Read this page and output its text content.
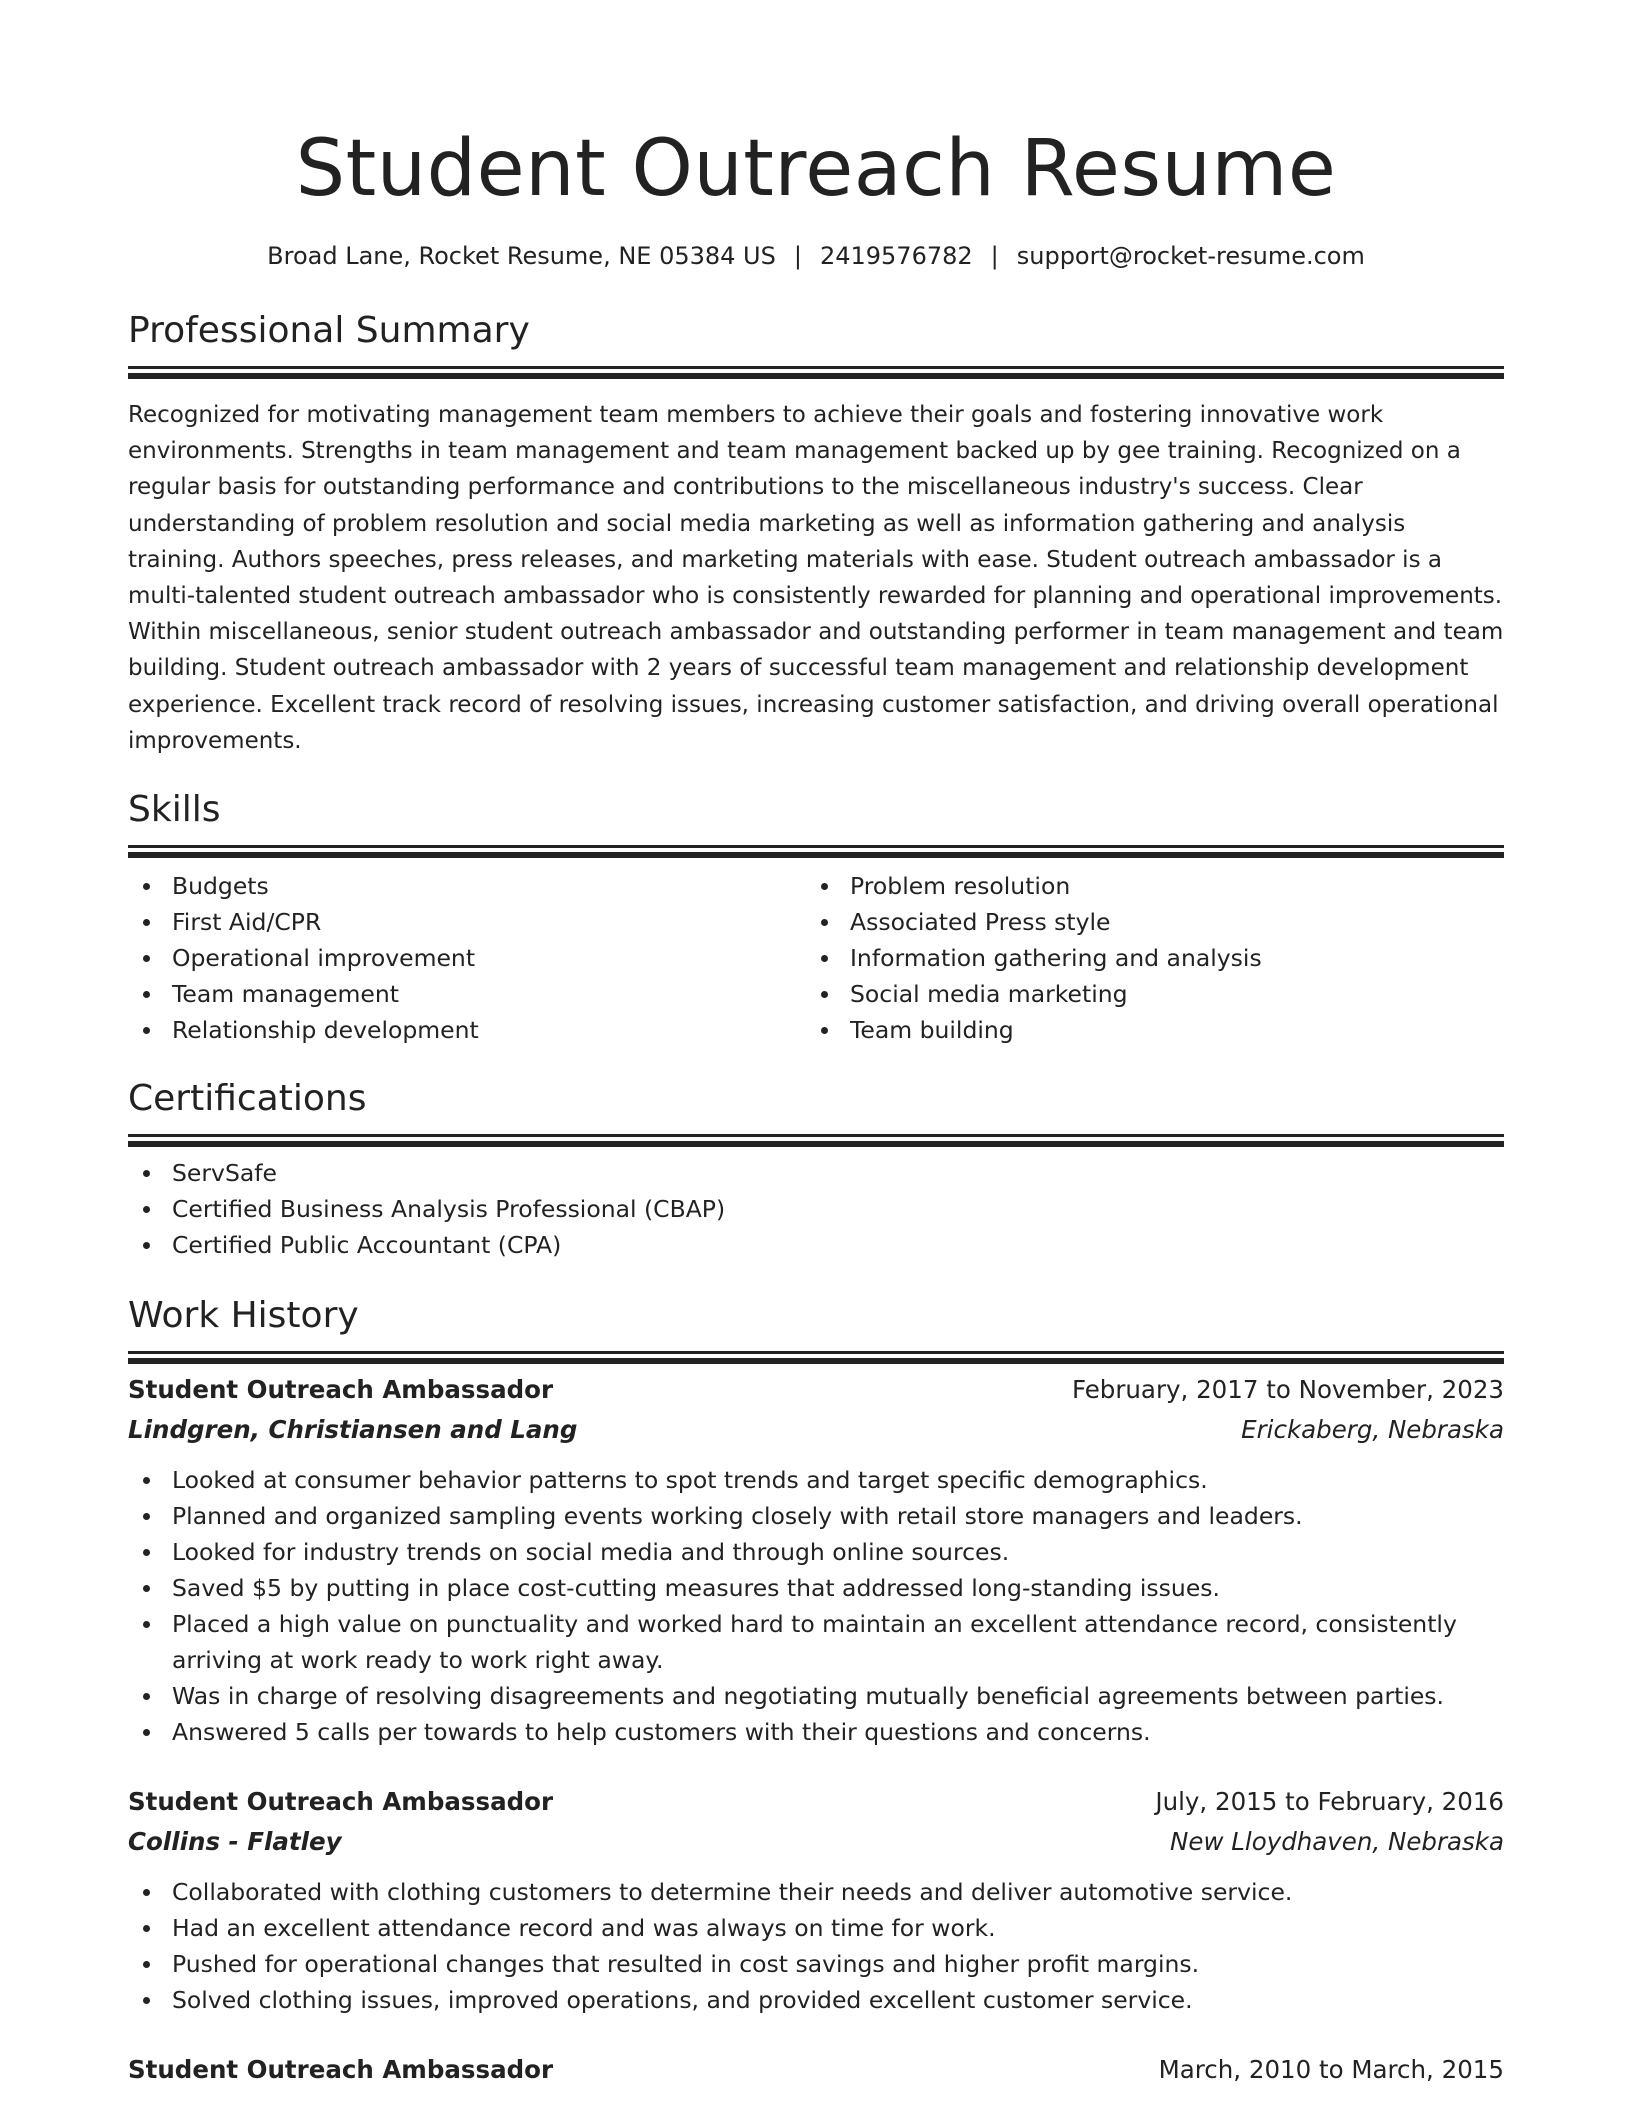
Student Outreach Resume
Broad Lane, Rocket Resume, NE 05384 US | 2419576782 | support@rocket-resume.com
Professional Summary

Recognized for motivating management team members to achieve their goals and fostering innovative work environments. Strengths in team management and team management backed up by gee training. Recognized on a regular basis for outstanding performance and contributions to the miscellaneous industry's success. Clear understanding of problem resolution and social media marketing as well as information gathering and analysis training. Authors speeches, press releases, and marketing materials with ease. Student outreach ambassador is a multi-talented student outreach ambassador who is consistently rewarded for planning and operational improvements. Within miscellaneous, senior student outreach ambassador and outstanding performer in team management and team building. Student outreach ambassador with 2 years of successful team management and relationship development experience. Excellent track record of resolving issues, increasing customer satisfaction, and driving overall operational improvements.

Skills
Budgets
First Aid/CPR
Operational improvement
Team management
Relationship development
Problem resolution
Associated Press style
Information gathering and analysis
Social media marketing
Team building
Certifications
ServSafe
Certified Business Analysis Professional (CBAP)
Certified Public Accountant (CPA)
Work History
Student Outreach Ambassador	February, 2017 to November, 2023
Lindgren, Christiansen and Lang	Erickaberg, Nebraska
Looked at consumer behavior patterns to spot trends and target specific demographics.
Planned and organized sampling events working closely with retail store managers and leaders.
Looked for industry trends on social media and through online sources.
Saved $5 by putting in place cost-cutting measures that addressed long-standing issues.
Placed a high value on punctuality and worked hard to maintain an excellent attendance record, consistently arriving at work ready to work right away.
Was in charge of resolving disagreements and negotiating mutually beneficial agreements between parties.
Answered 5 calls per towards to help customers with their questions and concerns.
Student Outreach Ambassador	July, 2015 to February, 2016
Collins - Flatley	New Lloydhaven, Nebraska
Collaborated with clothing customers to determine their needs and deliver automotive service.
Had an excellent attendance record and was always on time for work.
Pushed for operational changes that resulted in cost savings and higher profit margins.
Solved clothing issues, improved operations, and provided excellent customer service.
Student Outreach Ambassador	March, 2010 to March, 2015
